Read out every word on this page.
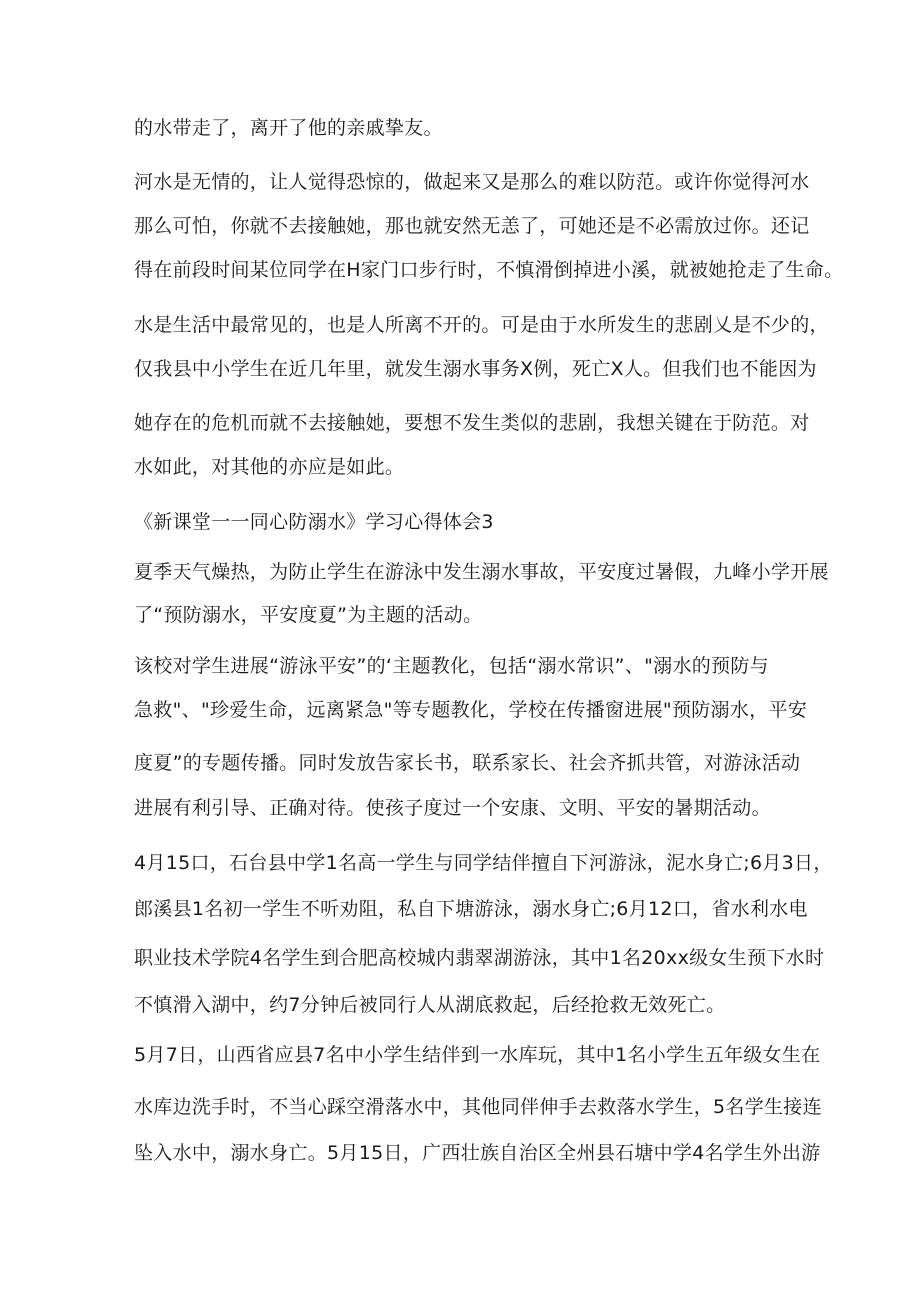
的水带走了，离开了他的亲戚挚友。

河水是无情的，让人觉得恐惊的，做起来又是那么的难以防范。或许你觉得河水

那么可怕，你就不去接触她，那也就安然无恙了，可她还是不必需放过你。还记

得在前段时间某位同学在H家门口步行时，不慎滑倒掉进小溪，就被她抢走了生命。

水是生活中最常见的，也是人所离不开的。可是由于水所发生的悲剧乂是不少的，

仅我县中小学生在近几年里，就发生溺水事务X例，死亡X人。但我们也不能因为

她存在的危机而就不去接触她，要想不发生类似的悲剧，我想关键在于防范。对

水如此，对其他的亦应是如此。

《新课堂一一同心防溺水》学习心得体会3

夏季天气燥热，为防止学生在游泳中发生溺水事故，平安度过暑假，九峰小学开展

了“预防溺水，平安度夏”为主题的活动。

该校对学生进展“游泳平安”的‘主题教化，包括“溺水常识”、"溺水的预防与

急救"、"珍爱生命，远离紧急"等专题教化，学校在传播窗进展"预防溺水，平安

度夏”的专题传播。同时发放告家长书，联系家长、社会齐抓共管，对游泳活动

进展有利引导、正确对待。使孩子度过一个安康、文明、平安的暑期活动。

4月15口，石台县中学1名高一学生与同学结伴擅自下河游泳，泥水身亡;6月3日，

郎溪县1名初一学生不听劝阻，私自下塘游泳，溺水身亡;6月12口，省水利水电

职业技术学院4名学生到合肥高校城内翡翠湖游泳，其中1名20xx级女生预下水时

不慎滑入湖中，约7分钟后被同行人从湖底救起，后经抢救无效死亡。

5月7日，山西省应县7名中小学生结伴到一水库玩，其中1名小学生五年级女生在

水库边洗手时，不当心踩空滑落水中，其他同伴伸手去救落水学生，5名学生接连

坠入水中，溺水身亡。5月15日，广西壮族自治区全州县石塘中学4名学生外出游
